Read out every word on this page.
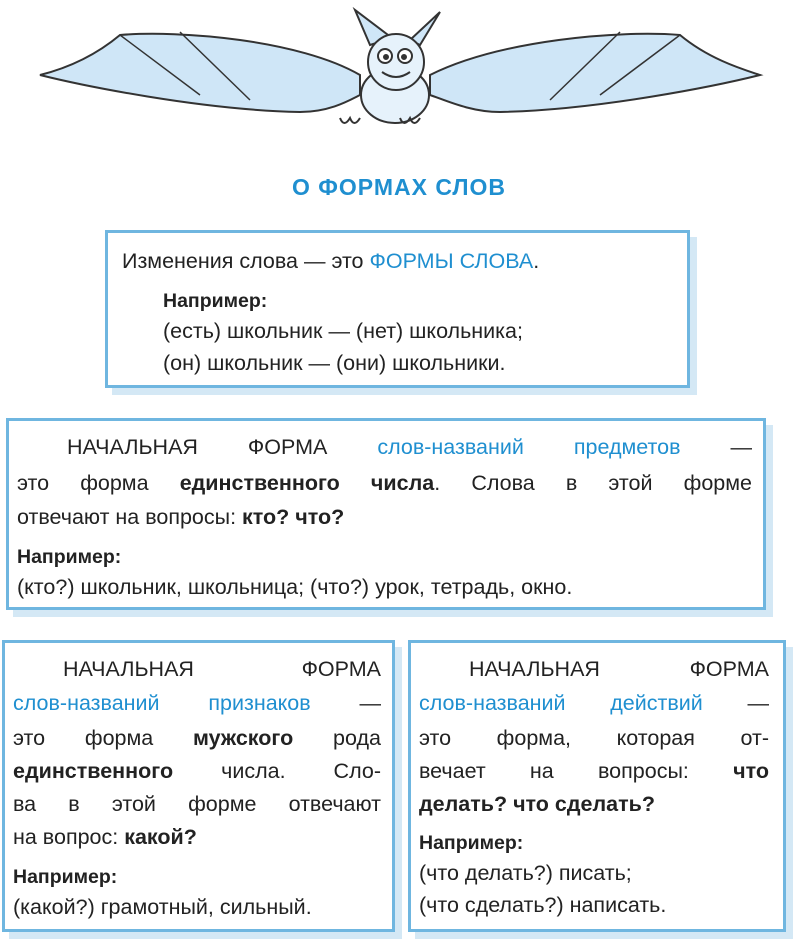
О ФОРМАХ СЛОВ
Изменения слова — это ФОРМЫ СЛОВА.
Например:
(есть) школьник — (нет) школьника;
(он) школьник — (они) школьники.
НАЧАЛЬНАЯ ФОРМА слов-названий предметов —
это форма единственного числа. Слова в этой форме
отвечают на вопросы: кто? что?
Например:
(кто?) школьник, школьница; (что?) урок, тетрадь, окно.
НАЧАЛЬНАЯ ФОРМА
слов-названий признаков —
это форма мужского рода
единственного числа. Сло-
ва в этой форме отвечают
на вопрос: какой?
Например:
(какой?) грамотный, сильный.
НАЧАЛЬНАЯ ФОРМА
слов-названий действий —
это форма, которая от-
вечает на вопросы: что
делать? что сделать?
Например:
(что делать?) писать;
(что сделать?) написать.
